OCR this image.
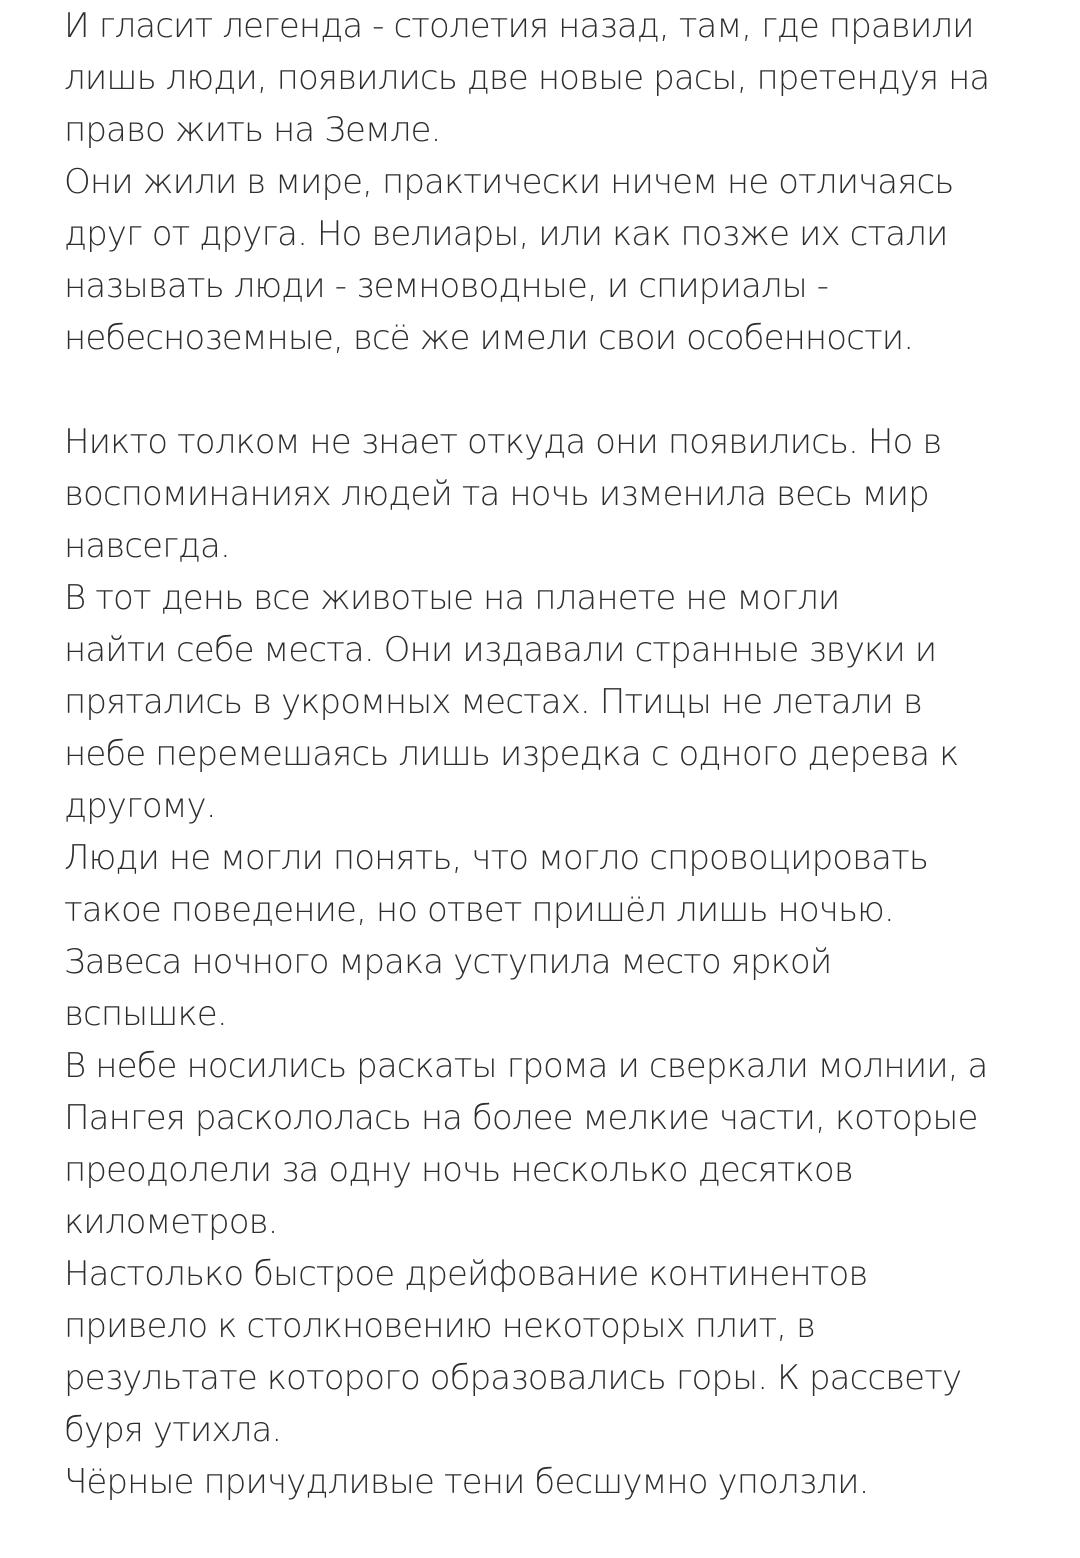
И гласит легенда - столетия назад, там, где правили
лишь люди, появились две новые расы, претендуя на
право жить на Земле.
Они жили в мире, практически ничем не отличаясь
друг от друга. Но велиары, или как позже их стали
называть люди - земноводные, и спириалы -
небесноземные, всё же имели свои особенности.
Никто толком не знает откуда они появились. Но в
воспоминаниях людей та ночь изменила весь мир
навсегда.
В тот день все животые на планете не могли
найти себе места. Они издавали странные звуки и
прятались в укромных местах. Птицы не летали в
небе перемешаясь лишь изредка с одного дерева к
другому.
Люди не могли понять, что могло спровоцировать
такое поведение, но ответ пришёл лишь ночью.
Завеса ночного мрака уступила место яркой
вспышке.
В небе носились раскаты грома и сверкали молнии, а
Пангея раскололась на более мелкие части, которые
преодолели за одну ночь несколько десятков
километров.
Настолько быстрое дрейфование континентов
привело к столкновению некоторых плит, в
результате которого образовались горы. К рассвету
буря утихла.
Чёрные причудливые тени бесшумно уползли.
